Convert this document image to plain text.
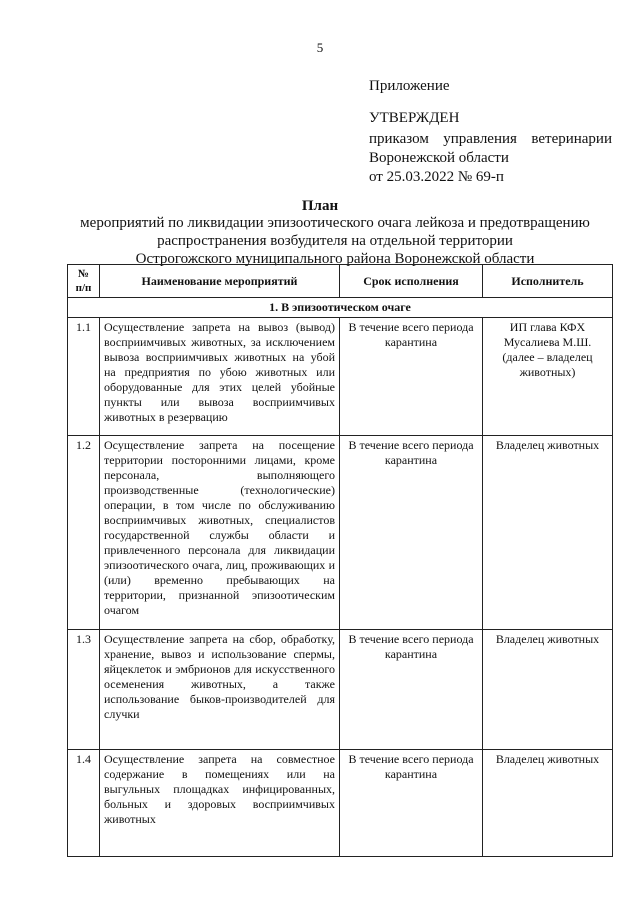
5
Приложение
УТВЕРЖДЕН
приказом управления ветеринарии
Воронежской области
от 25.03.2022 № 69-п
План
мероприятий по ликвидации эпизоотического очага лейкоза и предотвращению
распространения возбудителя на отдельной территории
Острогожского муниципального района Воронежской области
№
п/п	Наименование мероприятий	Срок исполнения	Исполнитель
1. В эпизоотическом очаге			
1.1	Осуществление запрета на вывоз (вывод) восприимчивых животных, за исключением вывоза восприимчивых животных на убой на предприятия по убою животных или оборудованные для этих целей убойные пункты или вывоза восприимчивых животных в резервацию	В течение всего периода карантина	ИП глава КФХ Мусалиева М.Ш. (далее – владелец животных)
1.2	Осуществление запрета на посещение территории посторонними лицами, кроме персонала, выполняющего производственные (технологические) операции, в том числе по обслуживанию восприимчивых животных, специалистов государственной службы области и привлеченного персонала для ликвидации эпизоотического очага, лиц, проживающих и (или) временно пребывающих на территории, признанной эпизоотическим очагом	В течение всего периода карантина	Владелец животных
1.3	Осуществление запрета на сбор, обработку, хранение, вывоз и использование спермы, яйцеклеток и эмбрионов для искусственного осеменения животных, а также использование быков-производителей для случки	В течение всего периода карантина	Владелец животных
1.4	Осуществление запрета на совместное содержание в помещениях или на выгульных площадках инфицированных, больных и здоровых восприимчивых животных	В течение всего периода карантина	Владелец животных
